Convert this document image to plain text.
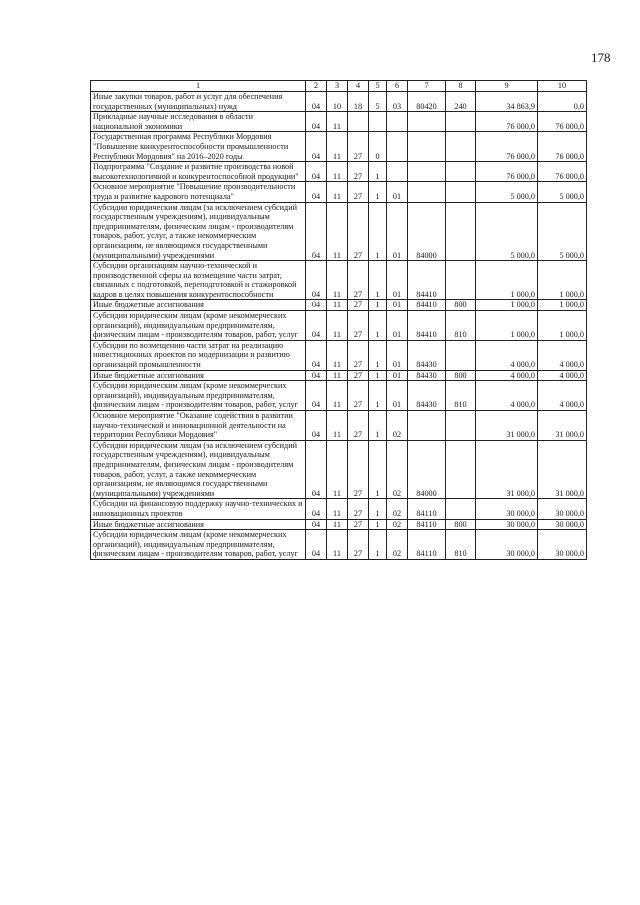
178
1	2	3	4	5	6	7	8	9	10
Иные закупки товаров, работ и услуг для обеспечения государственных (муниципальных) нужд	04	10	18	5	03	80420	240	34 863,9	0,0
Прикладные научные исследования в области национальной экономики	04	11						76 000,0	76 000,0
Государственная программа Республики Мордовия "Повышение конкурентоспособности промышленности Республики Мордовия" на 2016–2020 годы	04	11	27	0				76 000,0	76 000,0
Подпрограмма "Создание и развитие производства новой высокотехнологичной и конкурентоспособной продукции"	04	11	27	1				76 000,0	76 000,0
Основное мероприятие "Повышение производительности труда и развитие кадрового потенциала"	04	11	27	1	01			5 000,0	5 000,0
Субсидии юридическим лицам (за исключением субсидий государственным учреждениям), индивидуальным предпринимателям, физическим лицам - производителям товаров, работ, услуг, а также некоммерческим организациям, не являющимся государственными (муниципальными) учреждениями	04	11	27	1	01	84000		5 000,0	5 000,0
Субсидии организациям научно-технической и производственной сферы на возмещение части затрат, связанных с подготовкой, переподготовкой и стажировкой кадров в целях повышения конкурентоспособности	04	11	27	1	01	84410		1 000,0	1 000,0
Иные бюджетные ассигнования	04	11	27	1	01	84410	800	1 000,0	1 000,0
Субсидии юридическим лицам (кроме некоммерческих организаций), индивидуальным предпринимателям, физическим лицам - производителям товаров, работ, услуг	04	11	27	1	01	84410	810	1 000,0	1 000,0
Субсидии по возмещению части затрат на реализацию инвестиционных проектов по модернизации и развитию организаций промышленности	04	11	27	1	01	84430		4 000,0	4 000,0
Иные бюджетные ассигнования	04	11	27	1	01	84430	800	4 000,0	4 000,0
Субсидии юридическим лицам (кроме некоммерческих организаций), индивидуальным предпринимателям, физическим лицам - производителям товаров, работ, услуг	04	11	27	1	01	84430	810	4 000,0	4 000,0
Основное мероприятие "Оказание содействия в развитии научно-технической и инновационной деятельности на территории Республики Мордовия"	04	11	27	1	02			31 000,0	31 000,0
Субсидии юридическим лицам (за исключением субсидий государственным учреждениям), индивидуальным предпринимателям, физическим лицам - производителям товаров, работ, услуг, а также некоммерческим организациям, не являющимся государственными (муниципальными) учреждениями	04	11	27	1	02	84000		31 000,0	31 000,0
Субсидии на финансовую поддержку научно-технических и инновационных проектов	04	11	27	1	02	84110		30 000,0	30 000,0
Иные бюджетные ассигнования	04	11	27	1	02	84110	800	30 000,0	30 000,0
Субсидии юридическим лицам (кроме некоммерческих организаций), индивидуальным предпринимателям, физическим лицам - производителям товаров, работ, услуг	04	11	27	1	02	84110	810	30 000,0	30 000,0
